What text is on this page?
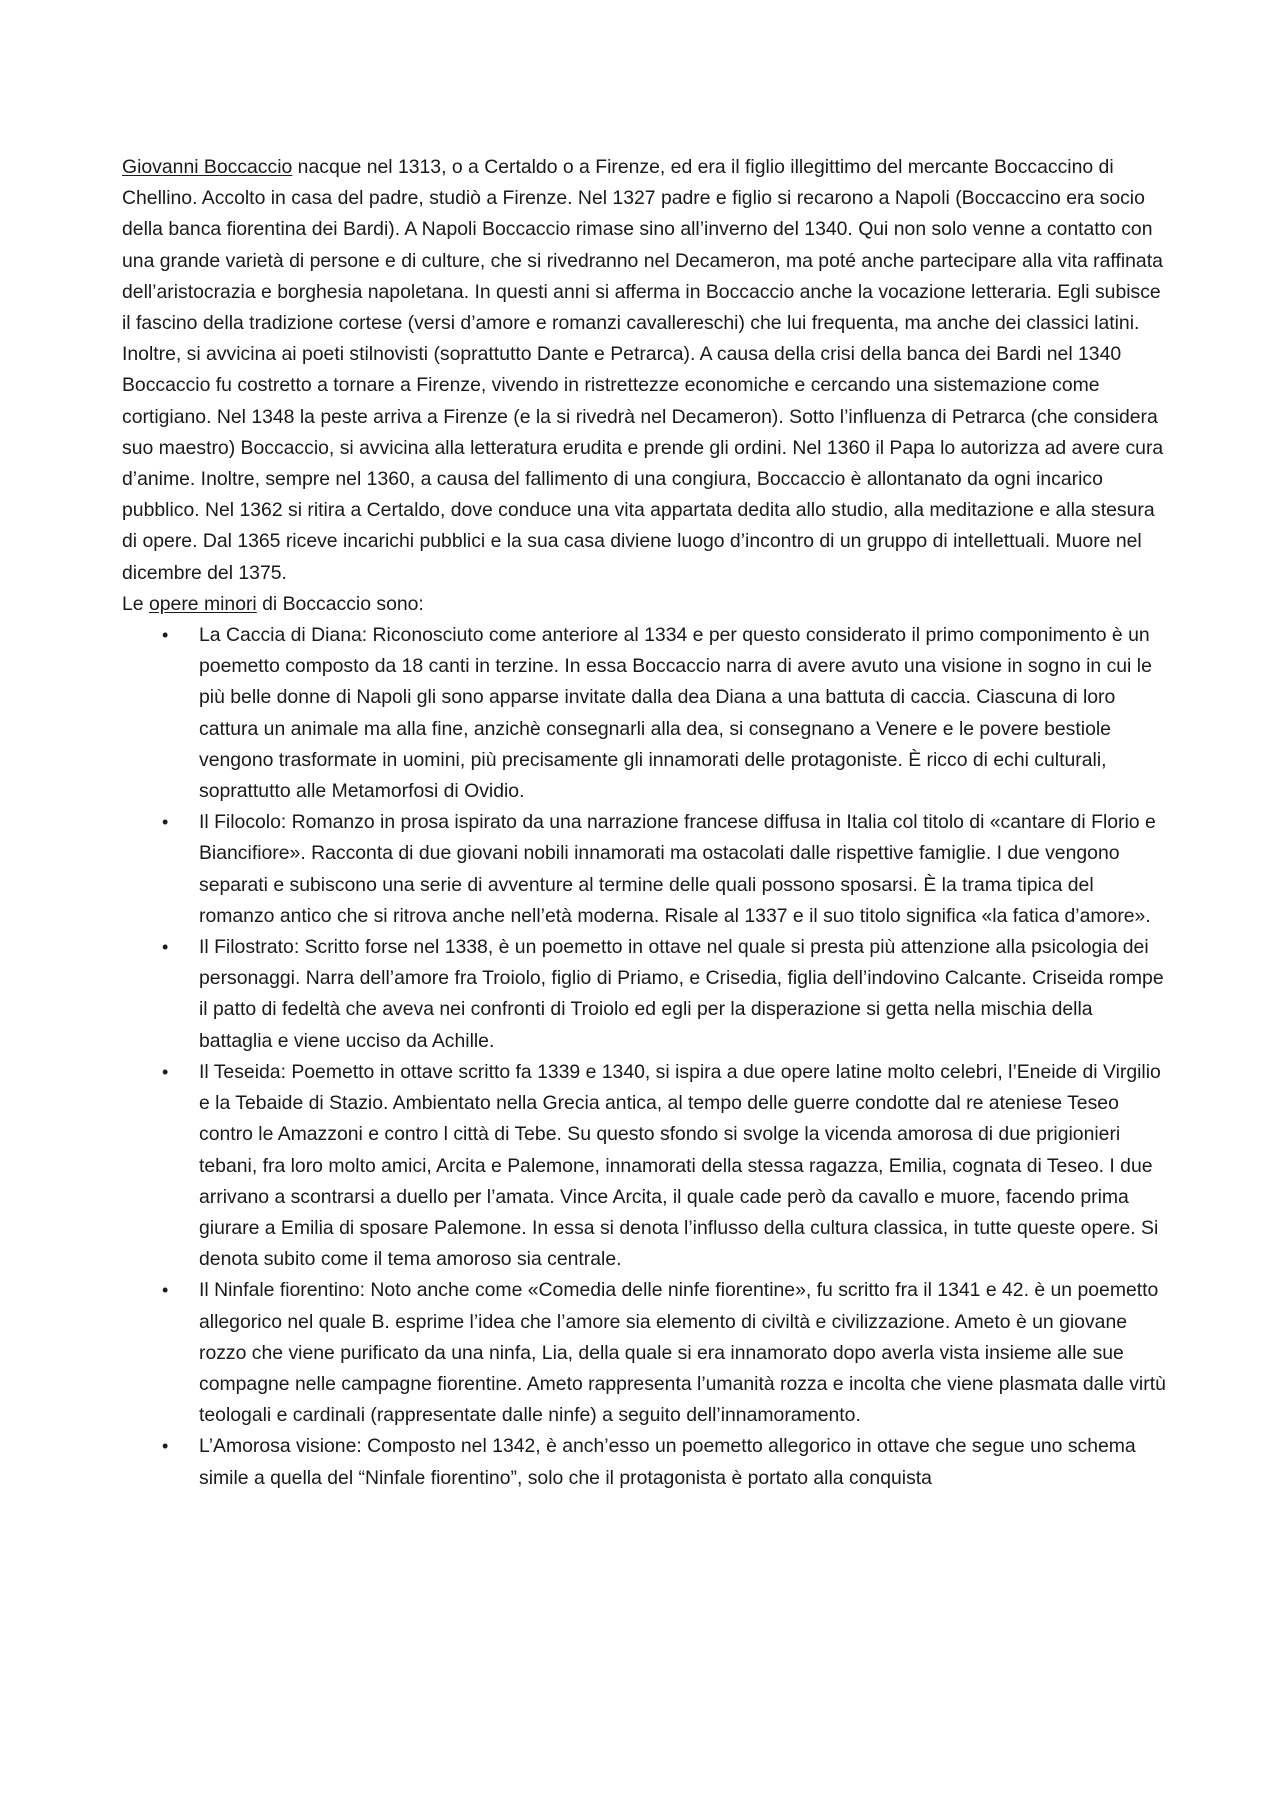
Giovanni Boccaccio nacque nel 1313, o a Certaldo o a Firenze, ed era il figlio illegittimo del mercante Boccaccino di Chellino. Accolto in casa del padre, studiò a Firenze. Nel 1327 padre e figlio si recarono a Napoli (Boccaccino era socio della banca fiorentina dei Bardi). A Napoli Boccaccio rimase sino all’inverno del 1340. Qui non solo venne a contatto con una grande varietà di persone e di culture, che si rivedranno nel Decameron, ma poté anche partecipare alla vita raffinata dell’aristocrazia e borghesia napoletana. In questi anni si afferma in Boccaccio anche la vocazione letteraria. Egli subisce il fascino della tradizione cortese (versi d’amore e romanzi cavallereschi) che lui frequenta, ma anche dei classici latini. Inoltre, si avvicina ai poeti stilnovisti (soprattutto Dante e Petrarca). A causa della crisi della banca dei Bardi nel 1340 Boccaccio fu costretto a tornare a Firenze, vivendo in ristrettezze economiche e cercando una sistemazione come cortigiano. Nel 1348 la peste arriva a Firenze (e la si rivedrà nel Decameron). Sotto l’influenza di Petrarca (che considera suo maestro) Boccaccio, si avvicina alla letteratura erudita e prende gli ordini. Nel 1360 il Papa lo autorizza ad avere cura d’anime. Inoltre, sempre nel 1360, a causa del fallimento di una congiura, Boccaccio è allontanato da ogni incarico pubblico. Nel 1362 si ritira a Certaldo, dove conduce una vita appartata dedita allo studio, alla meditazione e alla stesura di opere. Dal 1365 riceve incarichi pubblici e la sua casa diviene luogo d’incontro di un gruppo di intellettuali. Muore nel dicembre del 1375.

Le opere minori di Boccaccio sono:

• La Caccia di Diana: Riconosciuto come anteriore al 1334 e per questo considerato il primo componimento è un poemetto composto da 18 canti in terzine. In essa Boccaccio narra di avere avuto una visione in sogno in cui le più belle donne di Napoli gli sono apparse invitate dalla dea Diana a una battuta di caccia. Ciascuna di loro cattura un animale ma alla fine, anzichè consegnarli alla dea, si consegnano a Venere e le povere bestiole vengono trasformate in uomini, più precisamente gli innamorati delle protagoniste. È ricco di echi culturali, soprattutto alle Metamorfosi di Ovidio.
• Il Filocolo: Romanzo in prosa ispirato da una narrazione francese diffusa in Italia col titolo di «cantare di Florio e Biancifiore». Racconta di due giovani nobili innamorati ma ostacolati dalle rispettive famiglie. I due vengono separati e subiscono una serie di avventure al termine delle quali possono sposarsi. È la trama tipica del romanzo antico che si ritrova anche nell’età moderna. Risale al 1337 e il suo titolo significa «la fatica d’amore».
• Il Filostrato: Scritto forse nel 1338, è un poemetto in ottave nel quale si presta più attenzione alla psicologia dei personaggi. Narra dell’amore fra Troiolo, figlio di Priamo, e Crisedia, figlia dell’indovino Calcante. Criseida rompe il patto di fedeltà che aveva nei confronti di Troiolo ed egli per la disperazione si getta nella mischia della battaglia e viene ucciso da Achille.
• Il Teseida: Poemetto in ottave scritto fa 1339 e 1340, si ispira a due opere latine molto celebri, l’Eneide di Virgilio e la Tebaide di Stazio. Ambientato nella Grecia antica, al tempo delle guerre condotte dal re ateniese Teseo contro le Amazzoni e contro l città di Tebe. Su questo sfondo si svolge la vicenda amorosa di due prigionieri tebani, fra loro molto amici, Arcita e Palemone, innamorati della stessa ragazza, Emilia, cognata di Teseo. I due arrivano a scontrarsi a duello per l’amata. Vince Arcita, il quale cade però da cavallo e muore, facendo prima giurare a Emilia di sposare Palemone. In essa si denota l’influsso della cultura classica, in tutte queste opere. Si denota subito come il tema amoroso sia centrale.
• Il Ninfale fiorentino: Noto anche come «Comedia delle ninfe fiorentine», fu scritto fra il 1341 e 42. è un poemetto allegorico nel quale B. esprime l’idea che l’amore sia elemento di civiltà e civilizzazione. Ameto è un giovane rozzo che viene purificato da una ninfa, Lia, della quale si era innamorato dopo averla vista insieme alle sue compagne nelle campagne fiorentine. Ameto rappresenta l’umanità rozza e incolta che viene plasmata dalle virtù teologali e cardinali (rappresentate dalle ninfe) a seguito dell’innamoramento.
• L’Amorosa visione: Composto nel 1342, è anch’esso un poemetto allegorico in ottave che segue uno schema simile a quella del “Ninfale fiorentino”, solo che il protagonista è portato alla conquista
